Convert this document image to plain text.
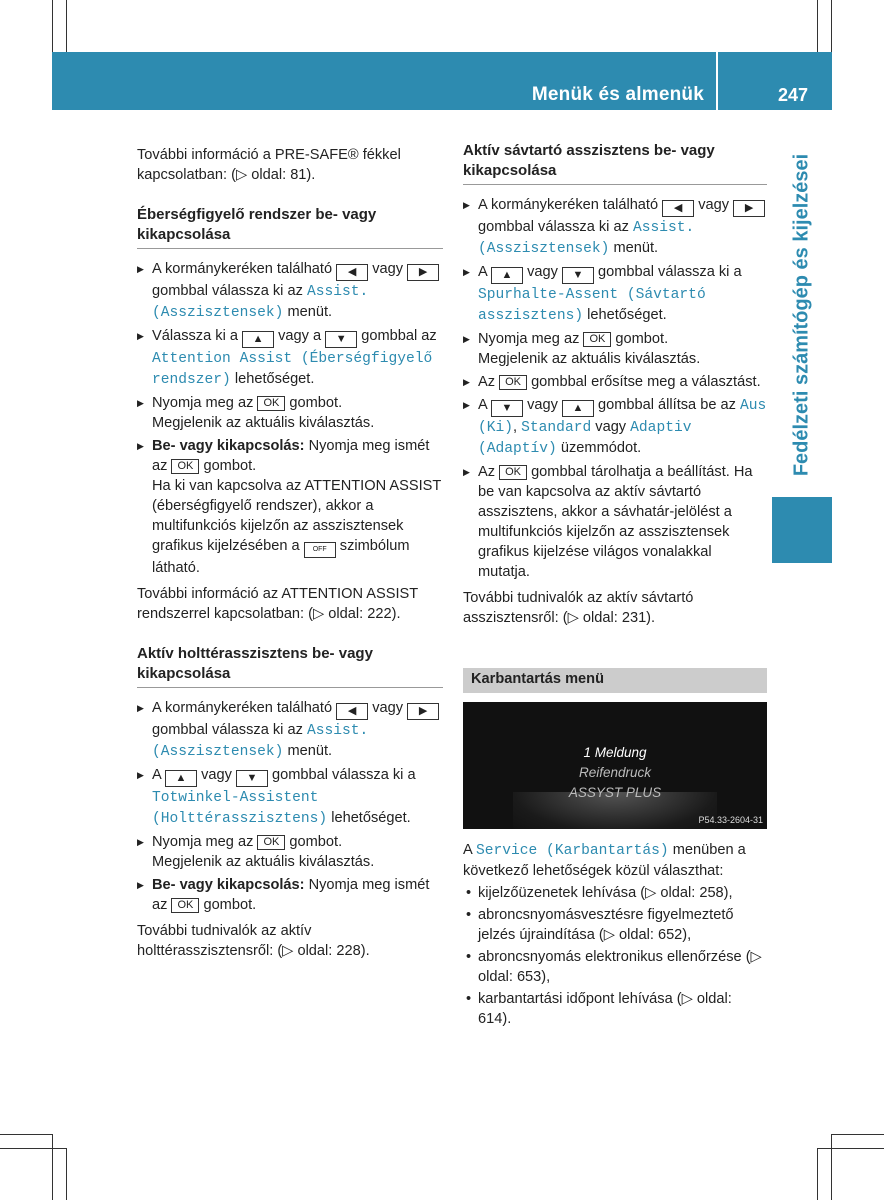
Menük és almenük	247
Fedélzeti számítógép és kijelzései

További információ a PRE-SAFE® fékkel kapcsolatban: (▷ oldal: 81).

Éberségfigyelő rendszer be- vagy kikapcsolása

▶ A kormánykeréken található ◀ vagy ▶ gombbal válassza ki az Assist. (Asszisztensek) menüt.

▶ Válassza ki a ▲ vagy a ▼ gombbal az Attention Assist (Éberségfigyelő rendszer) lehetőséget.

▶ Nyomja meg az OK gombot.
Megjelenik az aktuális kiválasztás.

▶ Be- vagy kikapcsolás: Nyomja meg ismét az OK gombot.
Ha ki van kapcsolva az ATTENTION ASSIST (éberségfigyelő rendszer), akkor a multifunkciós kijelzőn az asszisztensek grafikus kijelzésében a OFF szimbólum látható.

További információ az ATTENTION ASSIST rendszerrel kapcsolatban: (▷ oldal: 222).

Aktív holttérasszisztens be- vagy kikapcsolása

▶ A kormánykeréken található ◀ vagy ▶ gombbal válassza ki az Assist. (Asszisztensek) menüt.

▶ A ▲ vagy ▼ gombbal válassza ki a Totwinkel-Assistent (Holttérasszisztens) lehetőséget.

▶ Nyomja meg az OK gombot.
Megjelenik az aktuális kiválasztás.

▶ Be- vagy kikapcsolás: Nyomja meg ismét az OK gombot.

További tudnivalók az aktív holttérasszisztensről: (▷ oldal: 228).

Aktív sávtartó asszisztens be- vagy kikapcsolása

▶ A kormánykeréken található ◀ vagy ▶ gombbal válassza ki az Assist. (Asszisztensek) menüt.

▶ A ▲ vagy ▼ gombbal válassza ki a Spurhalte-Assent (Sávtartó asszisztens) lehetőséget.

▶ Nyomja meg az OK gombot.
Megjelenik az aktuális kiválasztás.

▶ Az OK gombbal erősítse meg a választást.

▶ A ▼ vagy ▲ gombbal állítsa be az Aus (Ki), Standard vagy Adaptiv (Adaptív) üzemmódot.

▶ Az OK gombbal tárolhatja a beállítást. Ha be van kapcsolva az aktív sávtartó asszisztens, akkor a sávhatár-jelölést a multifunkciós kijelzőn az asszisztensek grafikus kijelzése világos vonalakkal mutatja.

További tudnivalók az aktív sávtartó asszisztensről: (▷ oldal: 231).

Karbantartás menü
1 Meldung
Reifendruck
ASSYST PLUS
P54.33-2604-31

A Service (Karbantartás) menüben a következő lehetőségek közül választhat:

• kijelzőüzenetek lehívása (▷ oldal: 258),

• abroncsnyomásvesztésre figyelmeztető jelzés újraindítása (▷ oldal: 652),

• abroncsnyomás elektronikus ellenőrzése (▷ oldal: 653),

• karbantartási időpont lehívása (▷ oldal: 614).
